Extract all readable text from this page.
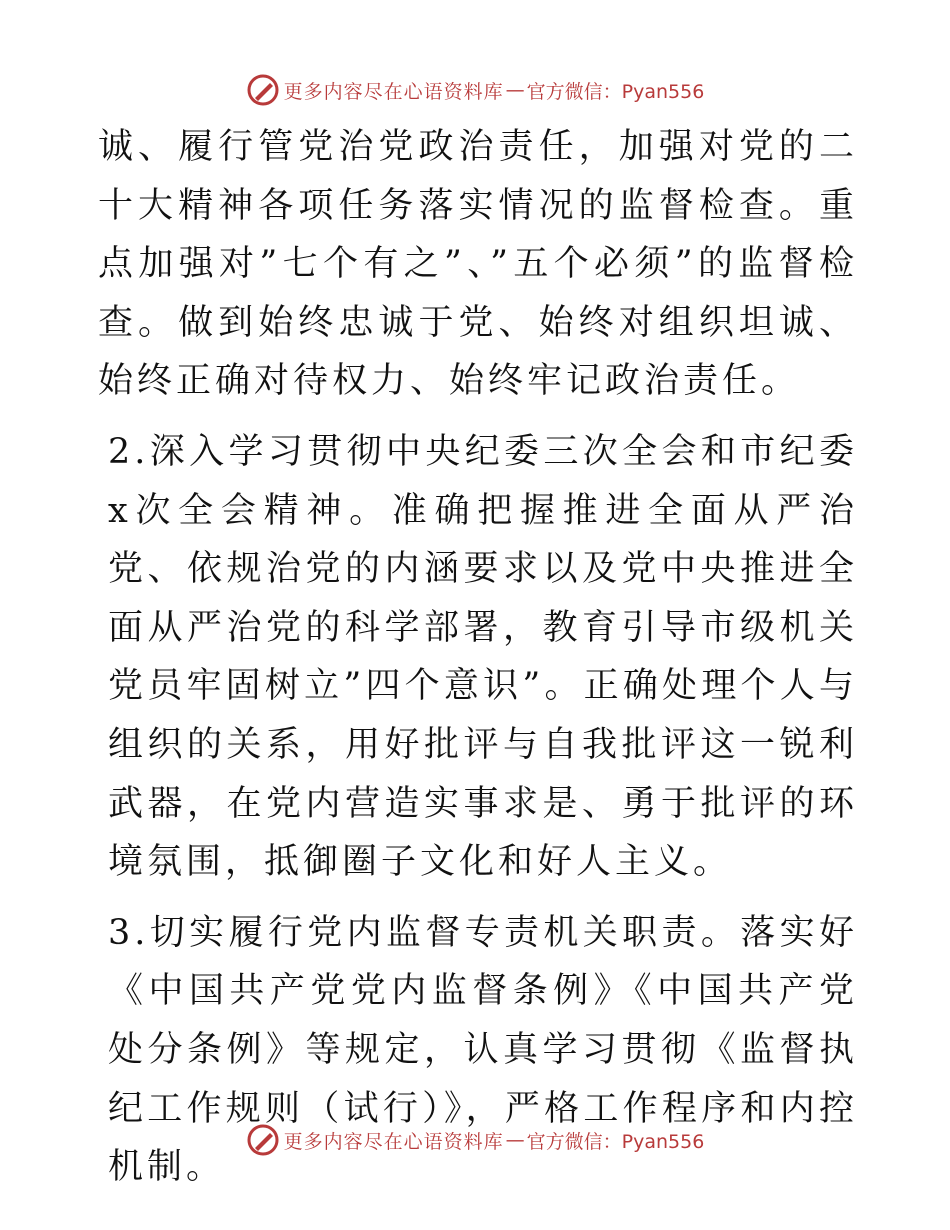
更多内容尽在心语资料库 — 官方微信：Pyan556

诚、履行管党治党政治责任，加强对党的二十大精神各项任务落实情况的监督检查。重点加强对”七个有之”、”五个必须”的监督检查。做到始终忠诚于党、始终对组织坦诚、始终正确对待权力、始终牢记政治责任。

2.深入学习贯彻中央纪委三次全会和市纪委x次全会精神。准确把握推进全面从严治党、依规治党的内涵要求以及党中央推进全面从严治党的科学部署，教育引导市级机关党员牢固树立”四个意识”。正确处理个人与组织的关系，用好批评与自我批评这一锐利武器，在党内营造实事求是、勇于批评的环境氛围，抵御圈子文化和好人主义。

3.切实履行党内监督专责机关职责。落实好《中国共产党党内监督条例》《中国共产党处分条例》等规定，认真学习贯彻《监督执纪工作规则（试行）》，严格工作程序和内控机制。

更多内容尽在心语资料库 — 官方微信：Pyan556
